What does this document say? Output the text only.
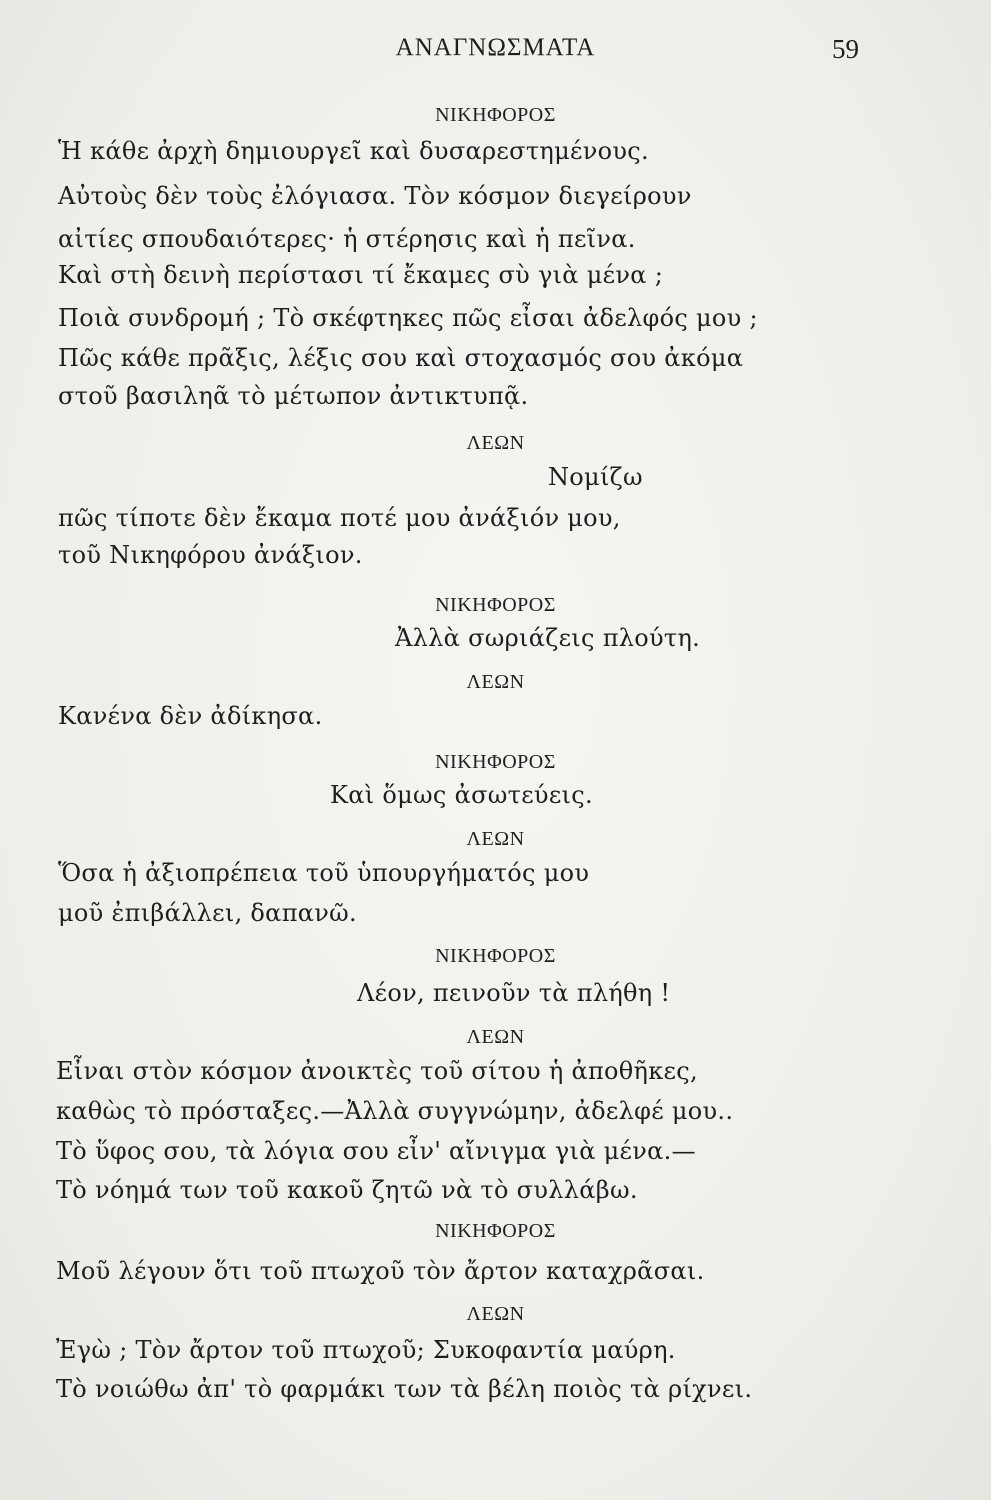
ΑΝΑΓΝΩΣΜΑΤΑ	59
ΝΙΚΗΦΟΡΟΣ
Ἡ κάθε ἀρχὴ δημιουργεῖ καὶ δυσαρεστημένους.
Αὐτοὺς δὲν τοὺς ἐλόγιασα. Τὸν κόσμον διεγείρουν
αἰτίες σπουδαιότερες· ἡ στέρησις καὶ ἡ πεῖνα.
Καὶ στὴ δεινὴ περίστασι τί ἔκαμες σὺ γιὰ μένα ;
Ποιὰ συνδρομή ; Τὸ σκέφτηκες πῶς εἶσαι ἀδελφός μου ;
Πῶς κάθε πρᾶξις, λέξις σου καὶ στοχασμός σου ἀκόμα
στοῦ βασιληᾶ τὸ μέτωπον ἀντικτυπᾷ.
ΛΕΩΝ
Νομίζω
πῶς τίποτε δὲν ἔκαμα ποτέ μου ἀνάξιόν μου,
τοῦ Νικηφόρου ἀνάξιον.
ΝΙΚΗΦΟΡΟΣ
Ἀλλὰ σωριάζεις πλούτη.
ΛΕΩΝ
Κανένα δὲν ἀδίκησα.
ΝΙΚΗΦΟΡΟΣ
Καὶ ὅμως ἀσωτεύεις.
ΛΕΩΝ
Ὅσα ἡ ἀξιοπρέπεια τοῦ ὑπουργήματός μου
μοῦ ἐπιβάλλει, δαπανῶ.
ΝΙΚΗΦΟΡΟΣ
Λέον, πεινοῦν τὰ πλήθη !
ΛΕΩΝ
Εἶναι στὸν κόσμον ἀνοικτὲς τοῦ σίτου ἡ ἀποθῆκες,
καθὼς τὸ πρόσταξες.—Ἀλλὰ συγγνώμην, ἀδελφέ μου..
Τὸ ὕφος σου, τὰ λόγια σου εἶν' αἴνιγμα γιὰ μένα.—
Τὸ νόημά των τοῦ κακοῦ ζητῶ νὰ τὸ συλλάβω.
ΝΙΚΗΦΟΡΟΣ
Μοῦ λέγουν ὅτι τοῦ πτωχοῦ τὸν ἄρτον καταχρᾶσαι.
ΛΕΩΝ
Ἐγὼ ; Τὸν ἄρτον τοῦ πτωχοῦ; Συκοφαντία μαύρη.
Τὸ νοιώθω ἀπ' τὸ φαρμάκι των τὰ βέλη ποιὸς τὰ ρίχνει.
